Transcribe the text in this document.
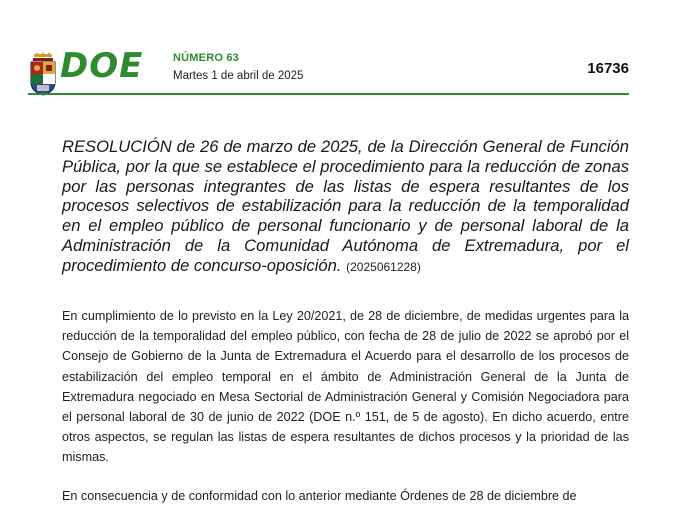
DOE	NÚMERO 63
Martes 1 de abril de 2025	16736

RESOLUCIÓN de 26 de marzo de 2025, de la Dirección General de Función Pública, por la que se establece el procedimiento para la reducción de zonas por las personas integrantes de las listas de espera resultantes de los procesos selectivos de estabilización para la reducción de la temporalidad en el empleo público de personal funcionario y de personal laboral de la Administración de la Comunidad Autónoma de Extremadura, por el procedimiento de concurso-oposición. (2025061228)

En cumplimiento de lo previsto en la Ley 20/2021, de 28 de diciembre, de medidas urgentes para la reducción de la temporalidad del empleo público, con fecha de 28 de julio de 2022 se aprobó por el Consejo de Gobierno de la Junta de Extremadura el Acuerdo para el desarrollo de los procesos de estabilización del empleo temporal en el ámbito de Administración General de la Junta de Extremadura negociado en Mesa Sectorial de Administración General y Comisión Negociadora para el personal laboral de 30 de junio de 2022 (DOE n.º 151, de 5 de agosto). En dicho acuerdo, entre otros aspectos, se regulan las listas de espera resultantes de dichos procesos y la prioridad de las mismas.

En consecuencia y de conformidad con lo anterior mediante Órdenes de 28 de diciembre de
